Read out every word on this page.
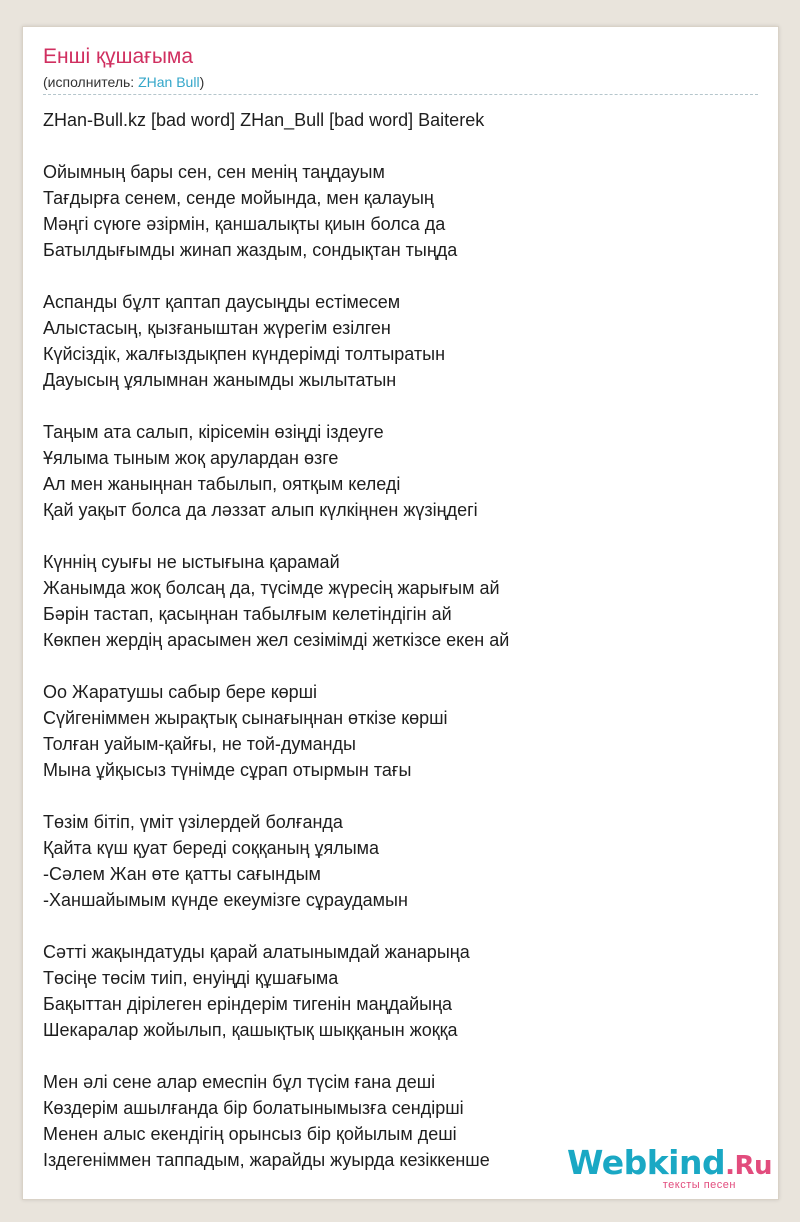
Енші құшағыма
(исполнитель: ZHan Bull)
ZHan-Bull.kz [bad word] ZHan_Bull [bad word] Baiterek
Ойымның бары сен, сен менің таңдауым
Тағдырға сенем, сенде мойында, мен қалауың
Мәңгі сүюге әзірмін, қаншалықты қиын болса да
Батылдығымды жинап жаздым, сондықтан тыңда
Аспанды бұлт қаптап даусыңды естімесем
Алыстасың, қызғаныштан жүрегім езілген
Күйсіздік, жалғыздықпен күндерімді толтыратын
Дауысың ұялымнан жанымды жылытатын
Таңым ата салып, кірісемін өзіңді іздеуге
Ұялыма тыным жоқ арулардан өзге
Ал мен жаныңнан табылып, оятқым келеді
Қай уақыт болса да ләззат алып күлкіңнен жүзіңдегі
Күннің суығы не ыстығына қарамай
Жанымда жоқ болсаң да, түсімде жүресің жарығым ай
Бәрін тастап, қасыңнан табылғым келетіндігін ай
Көкпен жердің арасымен жел сезімімді жеткізсе екен ай
Оо Жаратушы сабыр бере көрші
Сүйгеніммен жырақтық сынағыңнан өткізе көрші
Толған уайым-қайғы, не той-думанды
Мына ұйқысыз түнімде сұрап отырмын тағы
Төзім бітіп, үміт үзілердей болғанда
Қайта күш қуат береді соққаның ұялыма
-Сәлем Жан өте қатты сағындым
-Ханшайымым күнде екеумізге сұраудамын
Сәтті жақындатуды қарай алатынымдай жанарыңа
Төсіңе төсім тиіп, енуіңді құшағыма
Бақыттан дірілеген еріндерім тигенін маңдайыңа
Шекаралар жойылып, қашықтық шыққанын жоққа
Мен әлі сене алар емеспін бұл түсім ғана деші
Көздерім ашылғанда бір болатынымызға сендірші
Менен алыс екендігің орынсыз бір қойылым деші
Іздегеніммен таппадым, жарайды жуырда кезіккенше	Webkind.Ru
тексты песен
